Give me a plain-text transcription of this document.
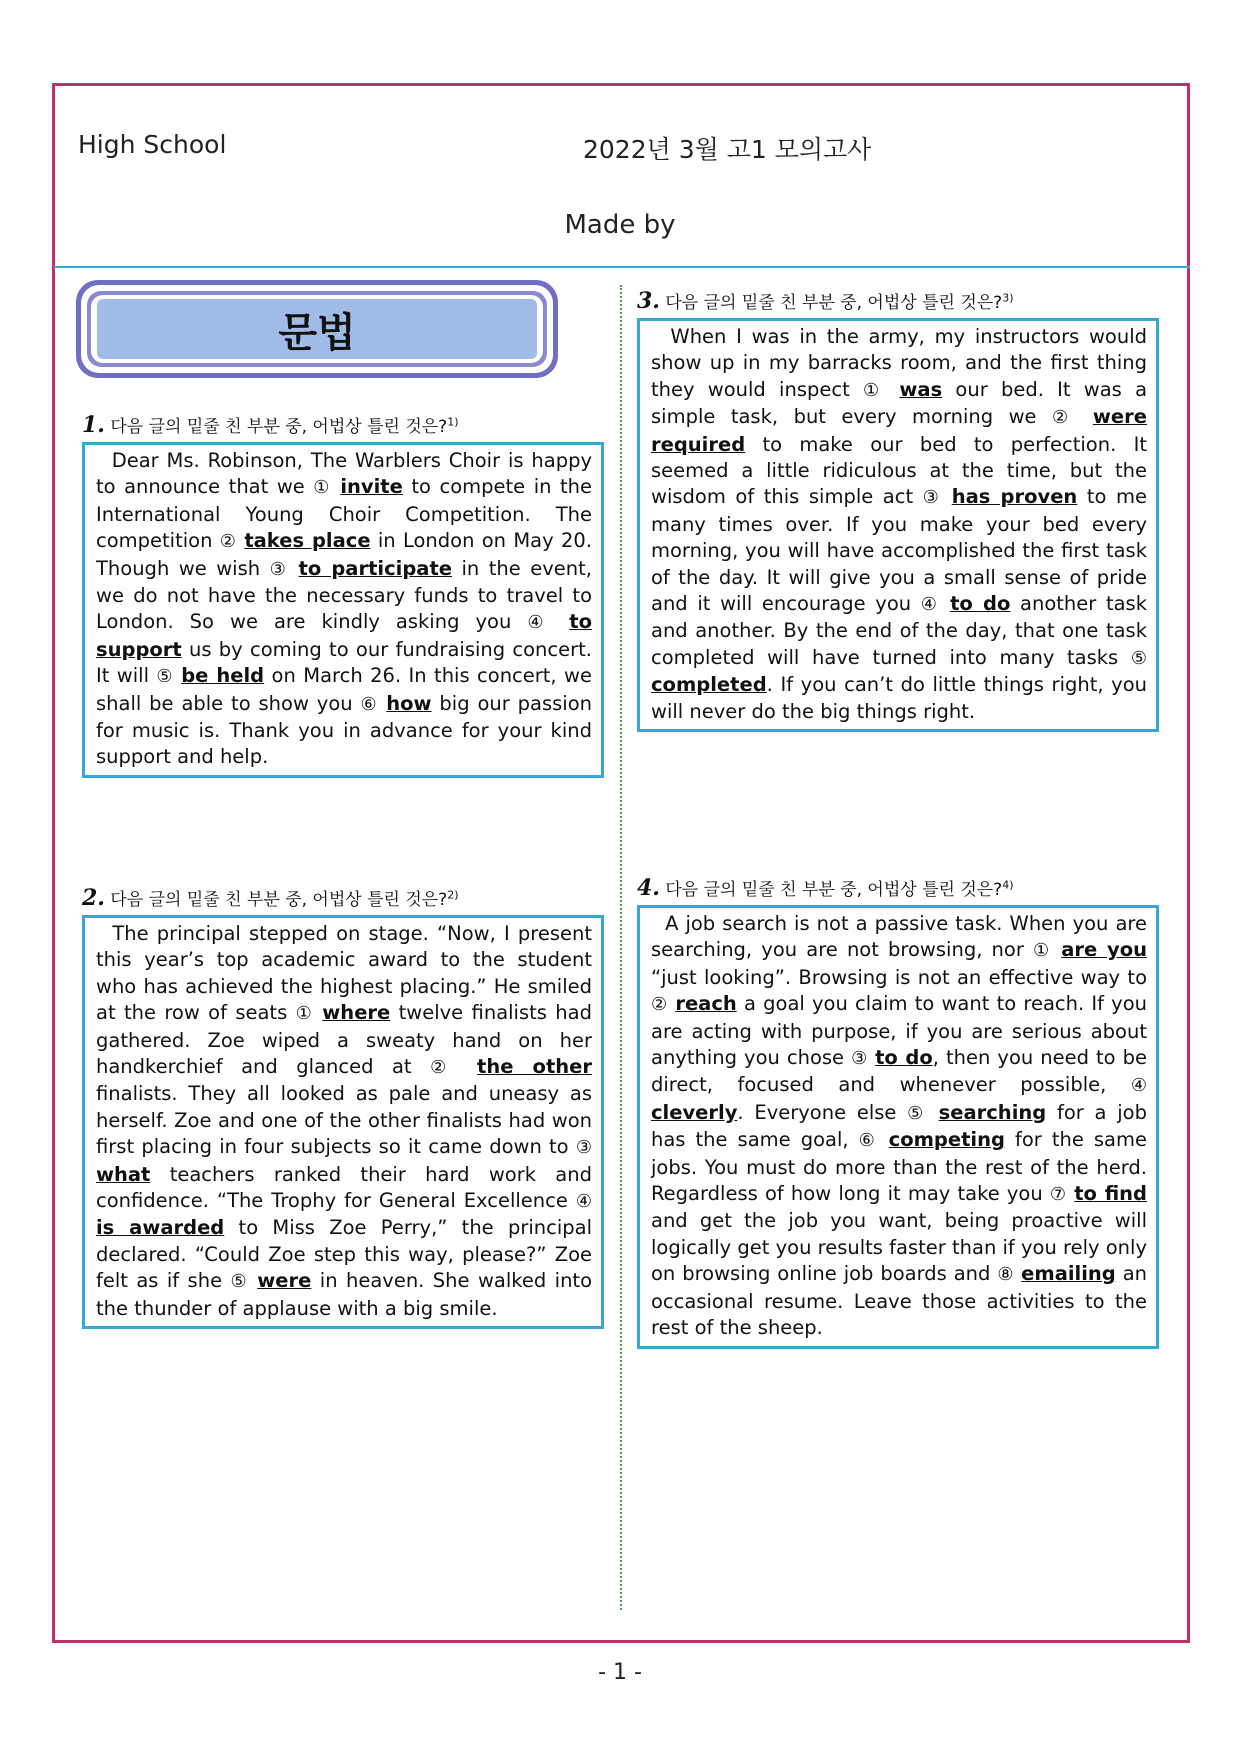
High School	2022년 3월 고1 모의고사
Made by
문법
1. 다음 글의 밑줄 친 부분 중, 어법상 틀린 것은?$^{1)}$
Dear Ms. Robinson, The Warblers Choir is happy to announce that we ① invite to compete in the International Young Choir Competition. The competition ② takes place in London on May 20. Though we wish ③ to participate in the event, we do not have the necessary funds to travel to London. So we are kindly asking you ④ to support us by coming to our fundraising concert. It will ⑤ be held on March 26. In this concert, we shall be able to show you ⑥ how big our passion for music is. Thank you in advance for your kind support and help.
2. 다음 글의 밑줄 친 부분 중, 어법상 틀린 것은?$^{2)}$
The principal stepped on stage. “Now, I present this year’s top academic award to the student who has achieved the highest placing.” He smiled at the row of seats ① where twelve finalists had gathered. Zoe wiped a sweaty hand on her handkerchief and glanced at ② the other finalists. They all looked as pale and uneasy as herself. Zoe and one of the other finalists had won first placing in four subjects so it came down to ③ what teachers ranked their hard work and confidence. “The Trophy for General Excellence ④ is awarded to Miss Zoe Perry,” the principal declared. “Could Zoe step this way, please?” Zoe felt as if she ⑤ were in heaven. She walked into the thunder of applause with a big smile.
3. 다음 글의 밑줄 친 부분 중, 어법상 틀린 것은?$^{3)}$
When I was in the army, my instructors would show up in my barracks room, and the first thing they would inspect ① was our bed. It was a simple task, but every morning we ② were required to make our bed to perfection. It seemed a little ridiculous at the time, but the wisdom of this simple act ③ has proven to me many times over. If you make your bed every morning, you will have accomplished the first task of the day. It will give you a small sense of pride and it will encourage you ④ to do another task and another. By the end of the day, that one task completed will have turned into many tasks ⑤ completed. If you can’t do little things right, you will never do the big things right.
4. 다음 글의 밑줄 친 부분 중, 어법상 틀린 것은?$^{4)}$
A job search is not a passive task. When you are searching, you are not browsing, nor ① are you “just looking”. Browsing is not an effective way to ② reach a goal you claim to want to reach. If you are acting with purpose, if you are serious about anything you chose ③ to do, then you need to be direct, focused and whenever possible, ④ cleverly. Everyone else ⑤ searching for a job has the same goal, ⑥ competing for the same jobs. You must do more than the rest of the herd. Regardless of how long it may take you ⑦ to find and get the job you want, being proactive will logically get you results faster than if you rely only on browsing online job boards and ⑧ emailing an occasional resume. Leave those activities to the rest of the sheep.
- 1 -
